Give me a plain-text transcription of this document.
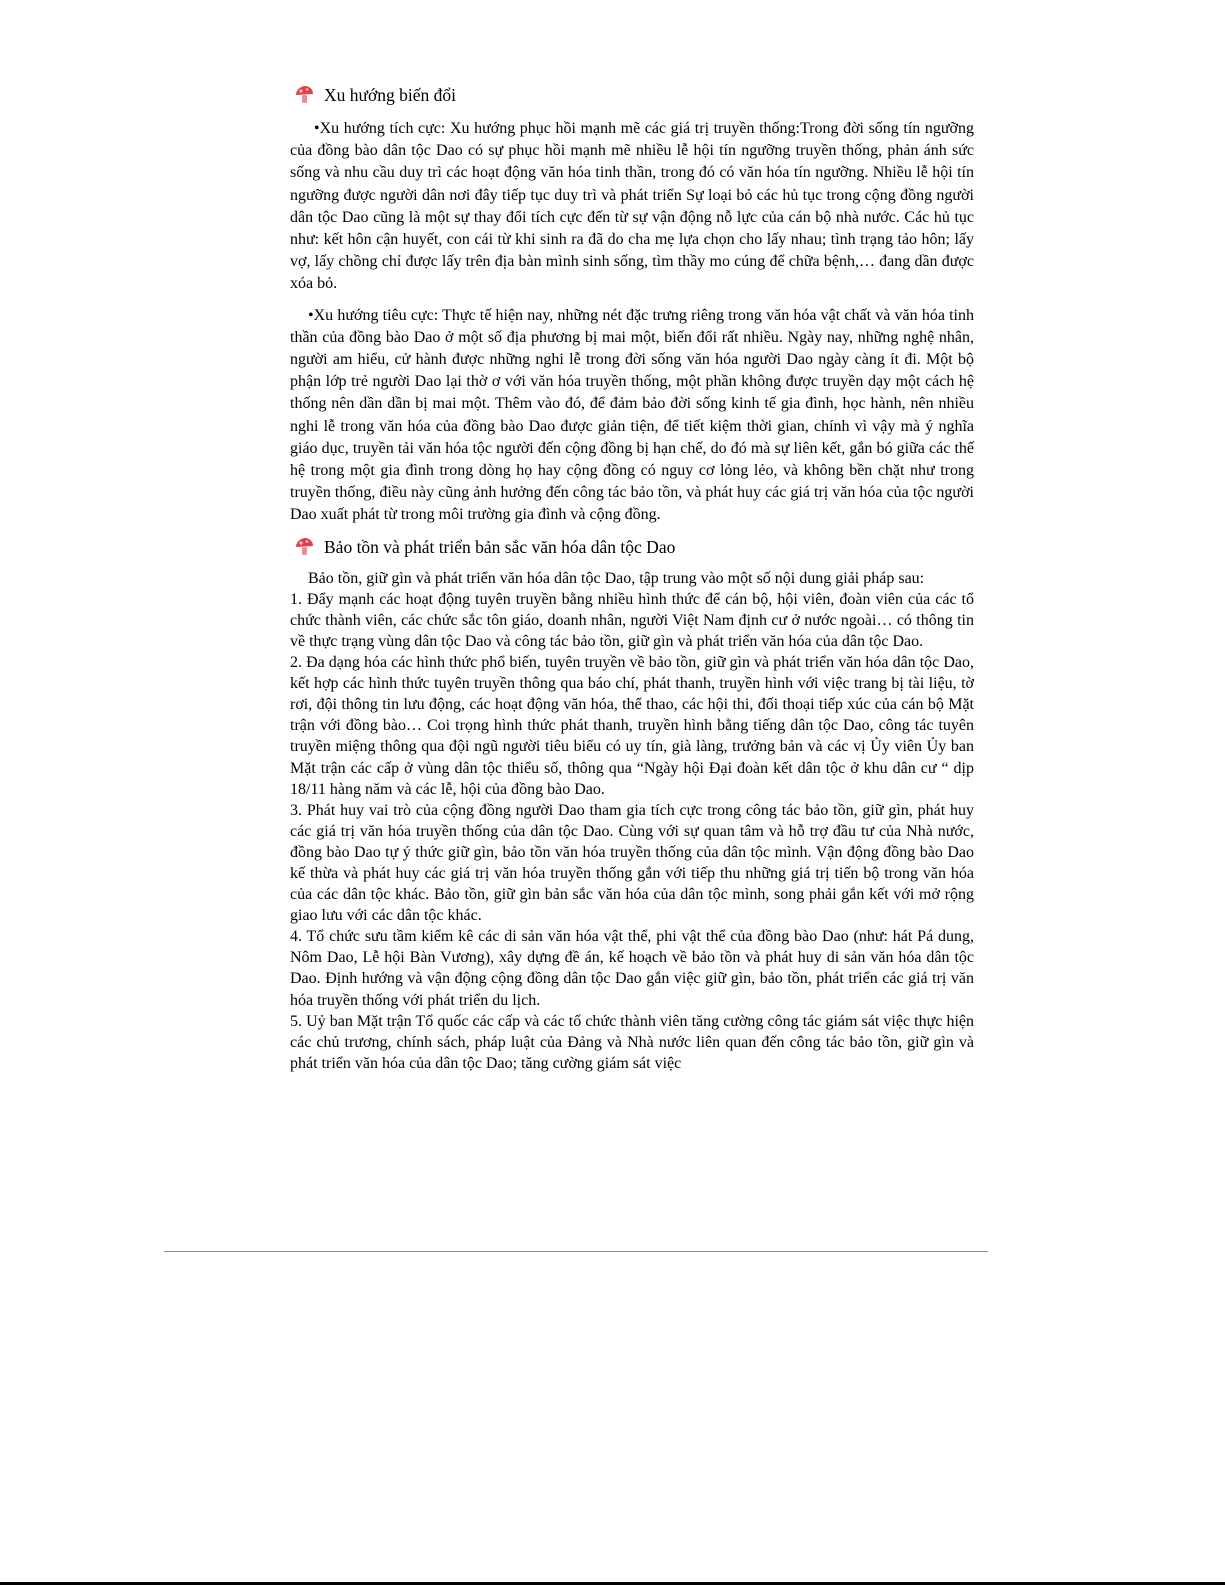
Xu hướng biến đổi

•Xu hướng tích cực: Xu hướng phục hồi mạnh mẽ các giá trị truyền thống:Trong đời sống tín ngưỡng của đồng bào dân tộc Dao có sự phục hồi mạnh mẽ nhiều lễ hội tín ngưỡng truyền thống, phản ánh sức sống và nhu cầu duy trì các hoạt động văn hóa tinh thần, trong đó có văn hóa tín ngưỡng. Nhiều lễ hội tín ngưỡng được người dân nơi đây tiếp tục duy trì và phát triển Sự loại bỏ các hủ tục trong cộng đồng người dân tộc Dao cũng là một sự thay đổi tích cực đến từ sự vận động nỗ lực của cán bộ nhà nước. Các hủ tục như: kết hôn cận huyết, con cái từ khi sinh ra đã do cha mẹ lựa chọn cho lấy nhau; tình trạng tảo hôn; lấy vợ, lấy chồng chỉ được lấy trên địa bàn mình sinh sống, tìm thầy mo cúng để chữa bệnh,… đang dần được xóa bỏ.

•Xu hướng tiêu cực: Thực tế hiện nay, những nét đặc trưng riêng trong văn hóa vật chất và văn hóa tinh thần của đồng bào Dao ở một số địa phương bị mai một, biến đổi rất nhiều. Ngày nay, những nghệ nhân, người am hiểu, cử hành được những nghi lễ trong đời sống văn hóa người Dao ngày càng ít đi. Một bộ phận lớp trẻ người Dao lại thờ ơ với văn hóa truyền thống, một phần không được truyền dạy một cách hệ thống nên dần dần bị mai một. Thêm vào đó, để đảm bảo đời sống kinh tế gia đình, học hành, nên nhiều nghi lễ trong văn hóa của đồng bào Dao được giản tiện, để tiết kiệm thời gian, chính vì vậy mà ý nghĩa giáo dục, truyền tải văn hóa tộc người đến cộng đồng bị hạn chế, do đó mà sự liên kết, gắn bó giữa các thế hệ trong một gia đình trong dòng họ hay cộng đồng có nguy cơ lỏng lẻo, và không bền chặt như trong truyền thống, điều này cũng ảnh hưởng đến công tác bảo tồn, và phát huy các giá trị văn hóa của tộc người Dao xuất phát từ trong môi trường gia đình và cộng đồng.

Bảo tồn và phát triển bản sắc văn hóa dân tộc Dao

Bảo tồn, giữ gìn và phát triển văn hóa dân tộc Dao, tập trung vào một số nội dung giải pháp sau:

1. Đẩy mạnh các hoạt động tuyên truyền bằng nhiều hình thức để cán bộ, hội viên, đoàn viên của các tổ chức thành viên, các chức sắc tôn giáo, doanh nhân, người Việt Nam định cư ở nước ngoài… có thông tin về thực trạng vùng dân tộc Dao và công tác bảo tồn, giữ gìn và phát triển văn hóa của dân tộc Dao.

2. Đa dạng hóa các hình thức phổ biến, tuyên truyền về bảo tồn, giữ gìn và phát triển văn hóa dân tộc Dao, kết hợp các hình thức tuyên truyền thông qua báo chí, phát thanh, truyền hình với việc trang bị tài liệu, tờ rơi, đội thông tin lưu động, các hoạt động văn hóa, thể thao, các hội thi, đối thoại tiếp xúc của cán bộ Mặt trận với đồng bào… Coi trọng hình thức phát thanh, truyền hình bằng tiếng dân tộc Dao, công tác tuyên truyền miệng thông qua đội ngũ người tiêu biểu có uy tín, già làng, trưởng bản và các vị Ủy viên Ủy ban Mặt trận các cấp ở vùng dân tộc thiểu số, thông qua “Ngày hội Đại đoàn kết dân tộc ở khu dân cư “ dịp 18/11 hàng năm và các lễ, hội của đồng bào Dao.

3. Phát huy vai trò của cộng đồng người Dao tham gia tích cực trong công tác bảo tồn, giữ gìn, phát huy các giá trị văn hóa truyền thống của dân tộc Dao. Cùng với sự quan tâm và hỗ trợ đầu tư của Nhà nước, đồng bào Dao tự ý thức giữ gìn, bảo tồn văn hóa truyền thống của dân tộc mình. Vận động đồng bào Dao kế thừa và phát huy các giá trị văn hóa truyền thống gắn với tiếp thu những giá trị tiến bộ trong văn hóa của các dân tộc khác. Bảo tồn, giữ gìn bản sắc văn hóa của dân tộc mình, song phải gắn kết với mở rộng giao lưu với các dân tộc khác.

4. Tổ chức sưu tầm kiểm kê các di sản văn hóa vật thể, phi vật thể của đồng bào Dao (như: hát Pá dung, Nôm Dao, Lễ hội Bàn Vương), xây dựng đề án, kế hoạch về bảo tồn và phát huy di sản văn hóa dân tộc Dao. Định hướng và vận động cộng đồng dân tộc Dao gắn việc giữ gìn, bảo tồn, phát triển các giá trị văn hóa truyền thống với phát triển du lịch.

5. Uỷ ban Mặt trận Tổ quốc các cấp và các tổ chức thành viên tăng cường công tác giám sát việc thực hiện các chủ trương, chính sách, pháp luật của Đảng và Nhà nước liên quan đến công tác bảo tồn, giữ gìn và phát triển văn hóa của dân tộc Dao; tăng cường giám sát việc
